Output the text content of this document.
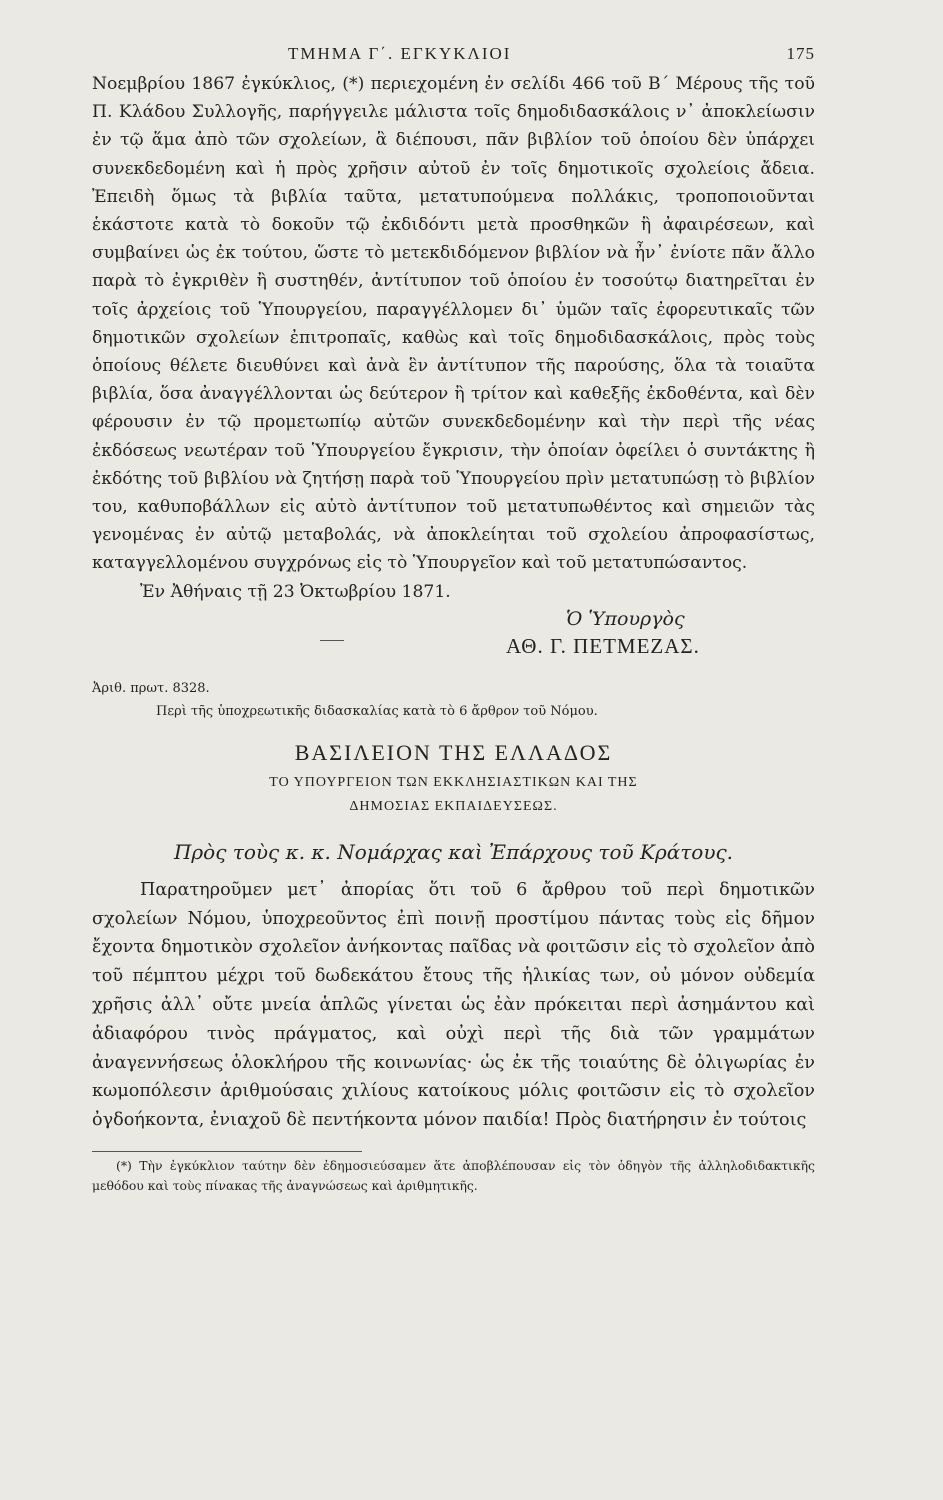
ΤΜΗΜΑ Γ΄. ΕΓΚΥΚΛΙΟΙ	175

Νοεμβρίου 1867 ἐγκύκλιος, (*) περιεχομένη ἐν σελίδι 466 τοῦ Β΄ Μέρους τῆς τοῦ Π. Κλάδου Συλλογῆς, παρήγγειλε μάλιστα τοῖς δημοδιδασκάλοις ν᾽ ἀποκλείωσιν ἐν τῷ ἅμα ἀπὸ τῶν σχολείων, ἃ διέπουσι, πᾶν βιβλίον τοῦ ὁποίου δὲν ὑπάρχει συνεκδεδομένη καὶ ἡ πρὸς χρῆσιν αὐτοῦ ἐν τοῖς δημοτικοῖς σχολείοις ἄδεια. Ἐπειδὴ ὅμως τὰ βιβλία ταῦτα, μετατυπούμενα πολλάκις, τροποποιοῦνται ἑκάστοτε κατὰ τὸ δοκοῦν τῷ ἐκδιδόντι μετὰ προσθηκῶν ἢ ἀφαιρέσεων, καὶ συμβαίνει ὡς ἐκ τούτου, ὥστε τὸ μετεκδιδόμενον βιβλίον νὰ ἦν᾽ ἐνίοτε πᾶν ἄλλο παρὰ τὸ ἐγκριθὲν ἢ συστηθέν, ἀντίτυπον τοῦ ὁποίου ἐν τοσούτῳ διατηρεῖται ἐν τοῖς ἀρχείοις τοῦ Ὑπουργείου, παραγγέλλομεν δι᾽ ὑμῶν ταῖς ἐφορευτικαῖς τῶν δημοτικῶν σχολείων ἐπιτροπαῖς, καθὼς καὶ τοῖς δημοδιδασκάλοις, πρὸς τοὺς ὁποίους θέλετε διευθύνει καὶ ἀνὰ ἓν ἀντίτυπον τῆς παρούσης, ὅλα τὰ τοιαῦτα βιβλία, ὅσα ἀναγγέλλονται ὡς δεύτερον ἢ τρίτον καὶ καθεξῆς ἐκδοθέντα, καὶ δὲν φέρουσιν ἐν τῷ προμετωπίῳ αὐτῶν συνεκδεδομένην καὶ τὴν περὶ τῆς νέας ἐκδόσεως νεωτέραν τοῦ Ὑπουργείου ἔγκρισιν, τὴν ὁποίαν ὀφείλει ὁ συντάκτης ἢ ἐκδότης τοῦ βιβλίου νὰ ζητήσῃ παρὰ τοῦ Ὑπουργείου πρὶν μετατυπώσῃ τὸ βιβλίον του, καθυποβάλλων εἰς αὐτὸ ἀντίτυπον τοῦ μετατυπωθέντος καὶ σημειῶν τὰς γενομένας ἐν αὐτῷ μεταβολάς, νὰ ἀποκλείηται τοῦ σχολείου ἀπροφασίστως, καταγγελλομένου συγχρόνως εἰς τὸ Ὑπουργεῖον καὶ τοῦ μετατυπώσαντος.

Ἐν Ἀθήναις τῇ 23 Ὀκτωβρίου 1871.

Ὁ Ὑπουργὸς
ΑΘ. Γ. ΠΕΤΜΕΖΑΣ.
Ἀριθ. πρωτ. 8328.
Περὶ τῆς ὑποχρεωτικῆς διδασκαλίας κατὰ τὸ 6 ἄρθρον τοῦ Νόμου.
ΒΑΣΙΛΕΙΟΝ ΤΗΣ ΕΛΛΑΔΟΣ
ΤΟ ΥΠΟΥΡΓΕΙΟΝ ΤΩΝ ΕΚΚΛΗΣΙΑΣΤΙΚΩΝ ΚΑΙ ΤΗΣ
ΔΗΜΟΣΙΑΣ ΕΚΠΑΙΔΕΥΣΕΩΣ.
Πρὸς τοὺς κ. κ. Νομάρχας καὶ Ἐπάρχους τοῦ Κράτους.

Παρατηροῦμεν μετ᾽ ἀπορίας ὅτι τοῦ 6 ἄρθρου τοῦ περὶ δημοτικῶν σχολείων Νόμου, ὑποχρεοῦντος ἐπὶ ποινῇ προστίμου πάντας τοὺς εἰς δῆμον ἔχοντα δημοτικὸν σχολεῖον ἀνήκοντας παῖδας νὰ φοιτῶσιν εἰς τὸ σχολεῖον ἀπὸ τοῦ πέμπτου μέχρι τοῦ δωδεκάτου ἔτους τῆς ἡλικίας των, οὐ μόνον οὐδεμία χρῆσις ἀλλ᾽ οὔτε μνεία ἁπλῶς γίνεται ὡς ἐὰν πρόκειται περὶ ἀσημάντου καὶ ἀδιαφόρου τινὸς πράγματος, καὶ οὐχὶ περὶ τῆς διὰ τῶν γραμμάτων ἀναγεννήσεως ὁλοκλήρου τῆς κοινωνίας· ὡς ἐκ τῆς τοιαύτης δὲ ὀλιγωρίας ἐν κωμοπόλεσιν ἀριθμούσαις χιλίους κατοίκους μόλις φοιτῶσιν εἰς τὸ σχολεῖον ὀγδοήκοντα, ἐνιαχοῦ δὲ πεντήκοντα μόνον παιδία! Πρὸς διατήρησιν ἐν τούτοις

(*) Τὴν ἐγκύκλιον ταύτην δὲν ἐδημοσιεύσαμεν ἅτε ἀποβλέπουσαν εἰς τὸν ὁδηγὸν τῆς ἀλληλοδιδακτικῆς μεθόδου καὶ τοὺς πίνακας τῆς ἀναγνώσεως καὶ ἀριθμητικῆς.
